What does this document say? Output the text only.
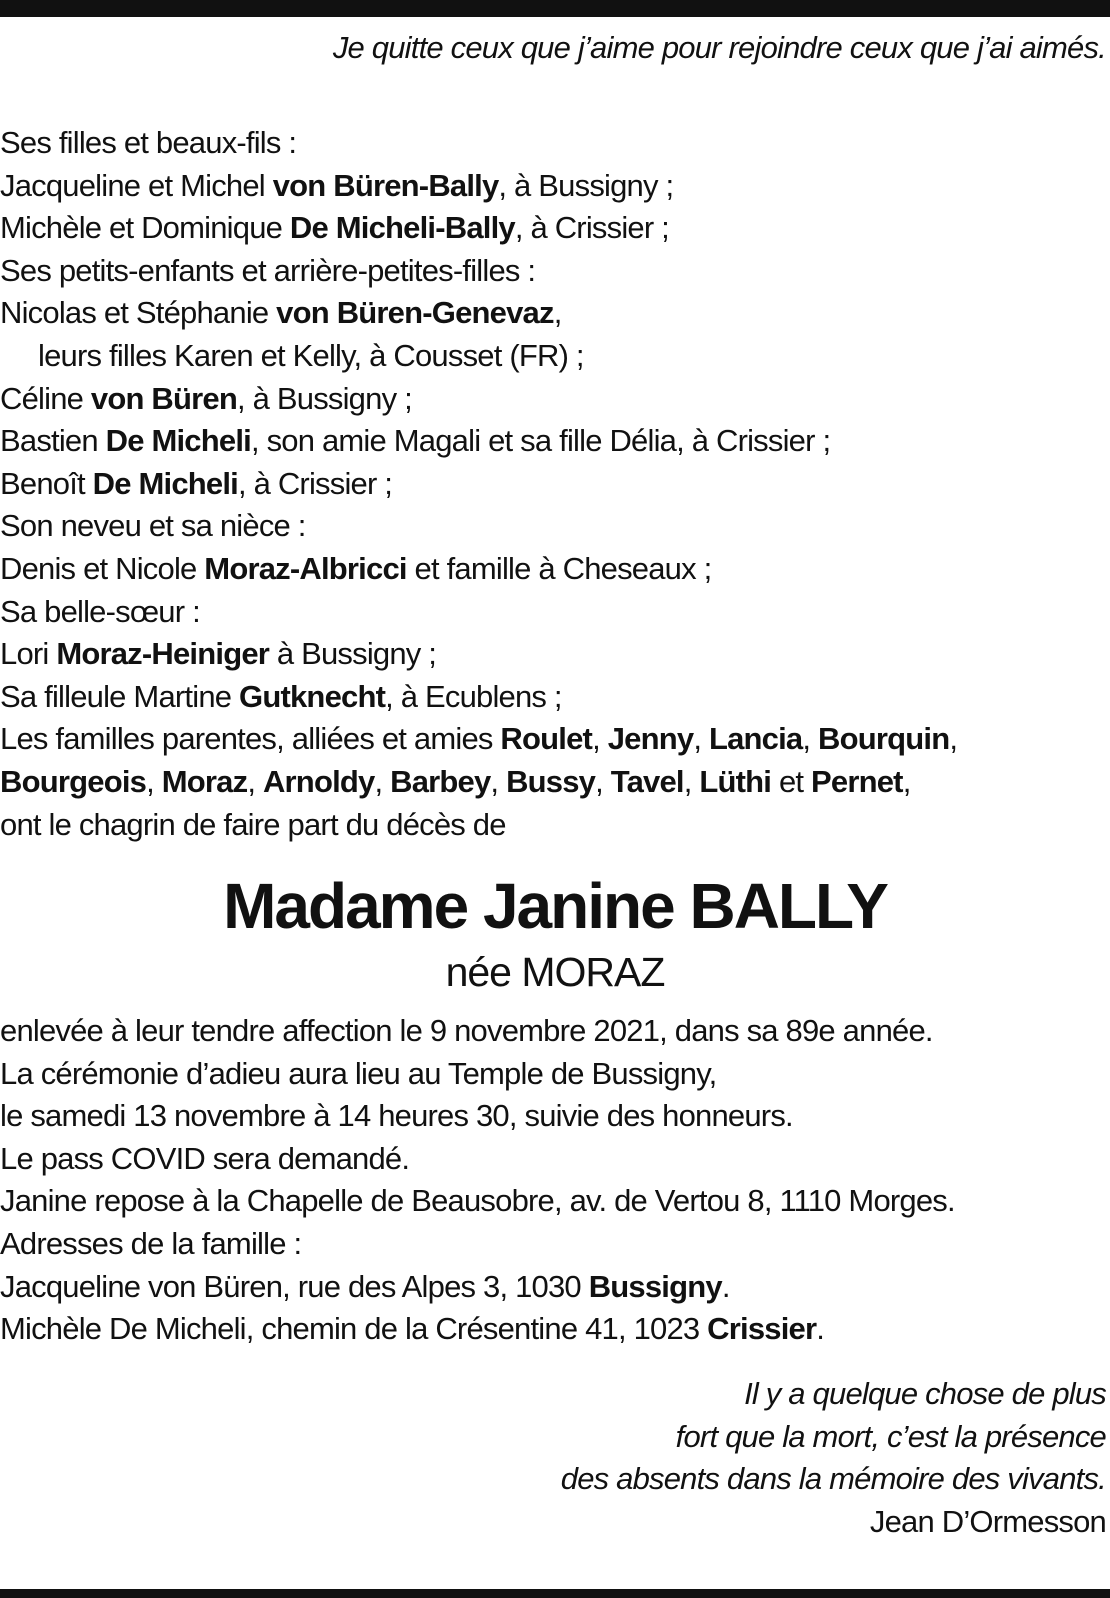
Je quitte ceux que j’aime pour rejoindre ceux que j’ai aimés.

Ses filles et beaux-fils :
Jacqueline et Michel von Büren-Bally, à Bussigny ;
Michèle et Dominique De Micheli-Bally, à Crissier ;
Ses petits-enfants et arrière-petites-filles :
Nicolas et Stéphanie von Büren-Genevaz,
leurs filles Karen et Kelly, à Cousset (FR) ;
Céline von Büren, à Bussigny ;
Bastien De Micheli, son amie Magali et sa fille Délia, à Crissier ;
Benoît De Micheli, à Crissier ;
Son neveu et sa nièce :
Denis et Nicole Moraz-Albricci et famille à Cheseaux ;
Sa belle-sœur :
Lori Moraz-Heiniger à Bussigny ;
Sa filleule Martine Gutknecht, à Ecublens ;
Les familles parentes, alliées et amies Roulet, Jenny, Lancia, Bourquin,
Bourgeois, Moraz, Arnoldy, Barbey, Bussy, Tavel, Lüthi et Pernet,
ont le chagrin de faire part du décès de
Madame Janine BALLY
née MORAZ
enlevée à leur tendre affection le 9 novembre 2021, dans sa 89e année.
La cérémonie d’adieu aura lieu au Temple de Bussigny,
le samedi 13 novembre à 14 heures 30, suivie des honneurs.
Le pass COVID sera demandé.
Janine repose à la Chapelle de Beausobre, av. de Vertou 8, 1110 Morges.
Adresses de la famille :
Jacqueline von Büren, rue des Alpes 3, 1030 Bussigny.
Michèle De Micheli, chemin de la Crésentine 41, 1023 Crissier.
Il y a quelque chose de plus
fort que la mort, c’est la présence
des absents dans la mémoire des vivants.
Jean D’Ormesson
